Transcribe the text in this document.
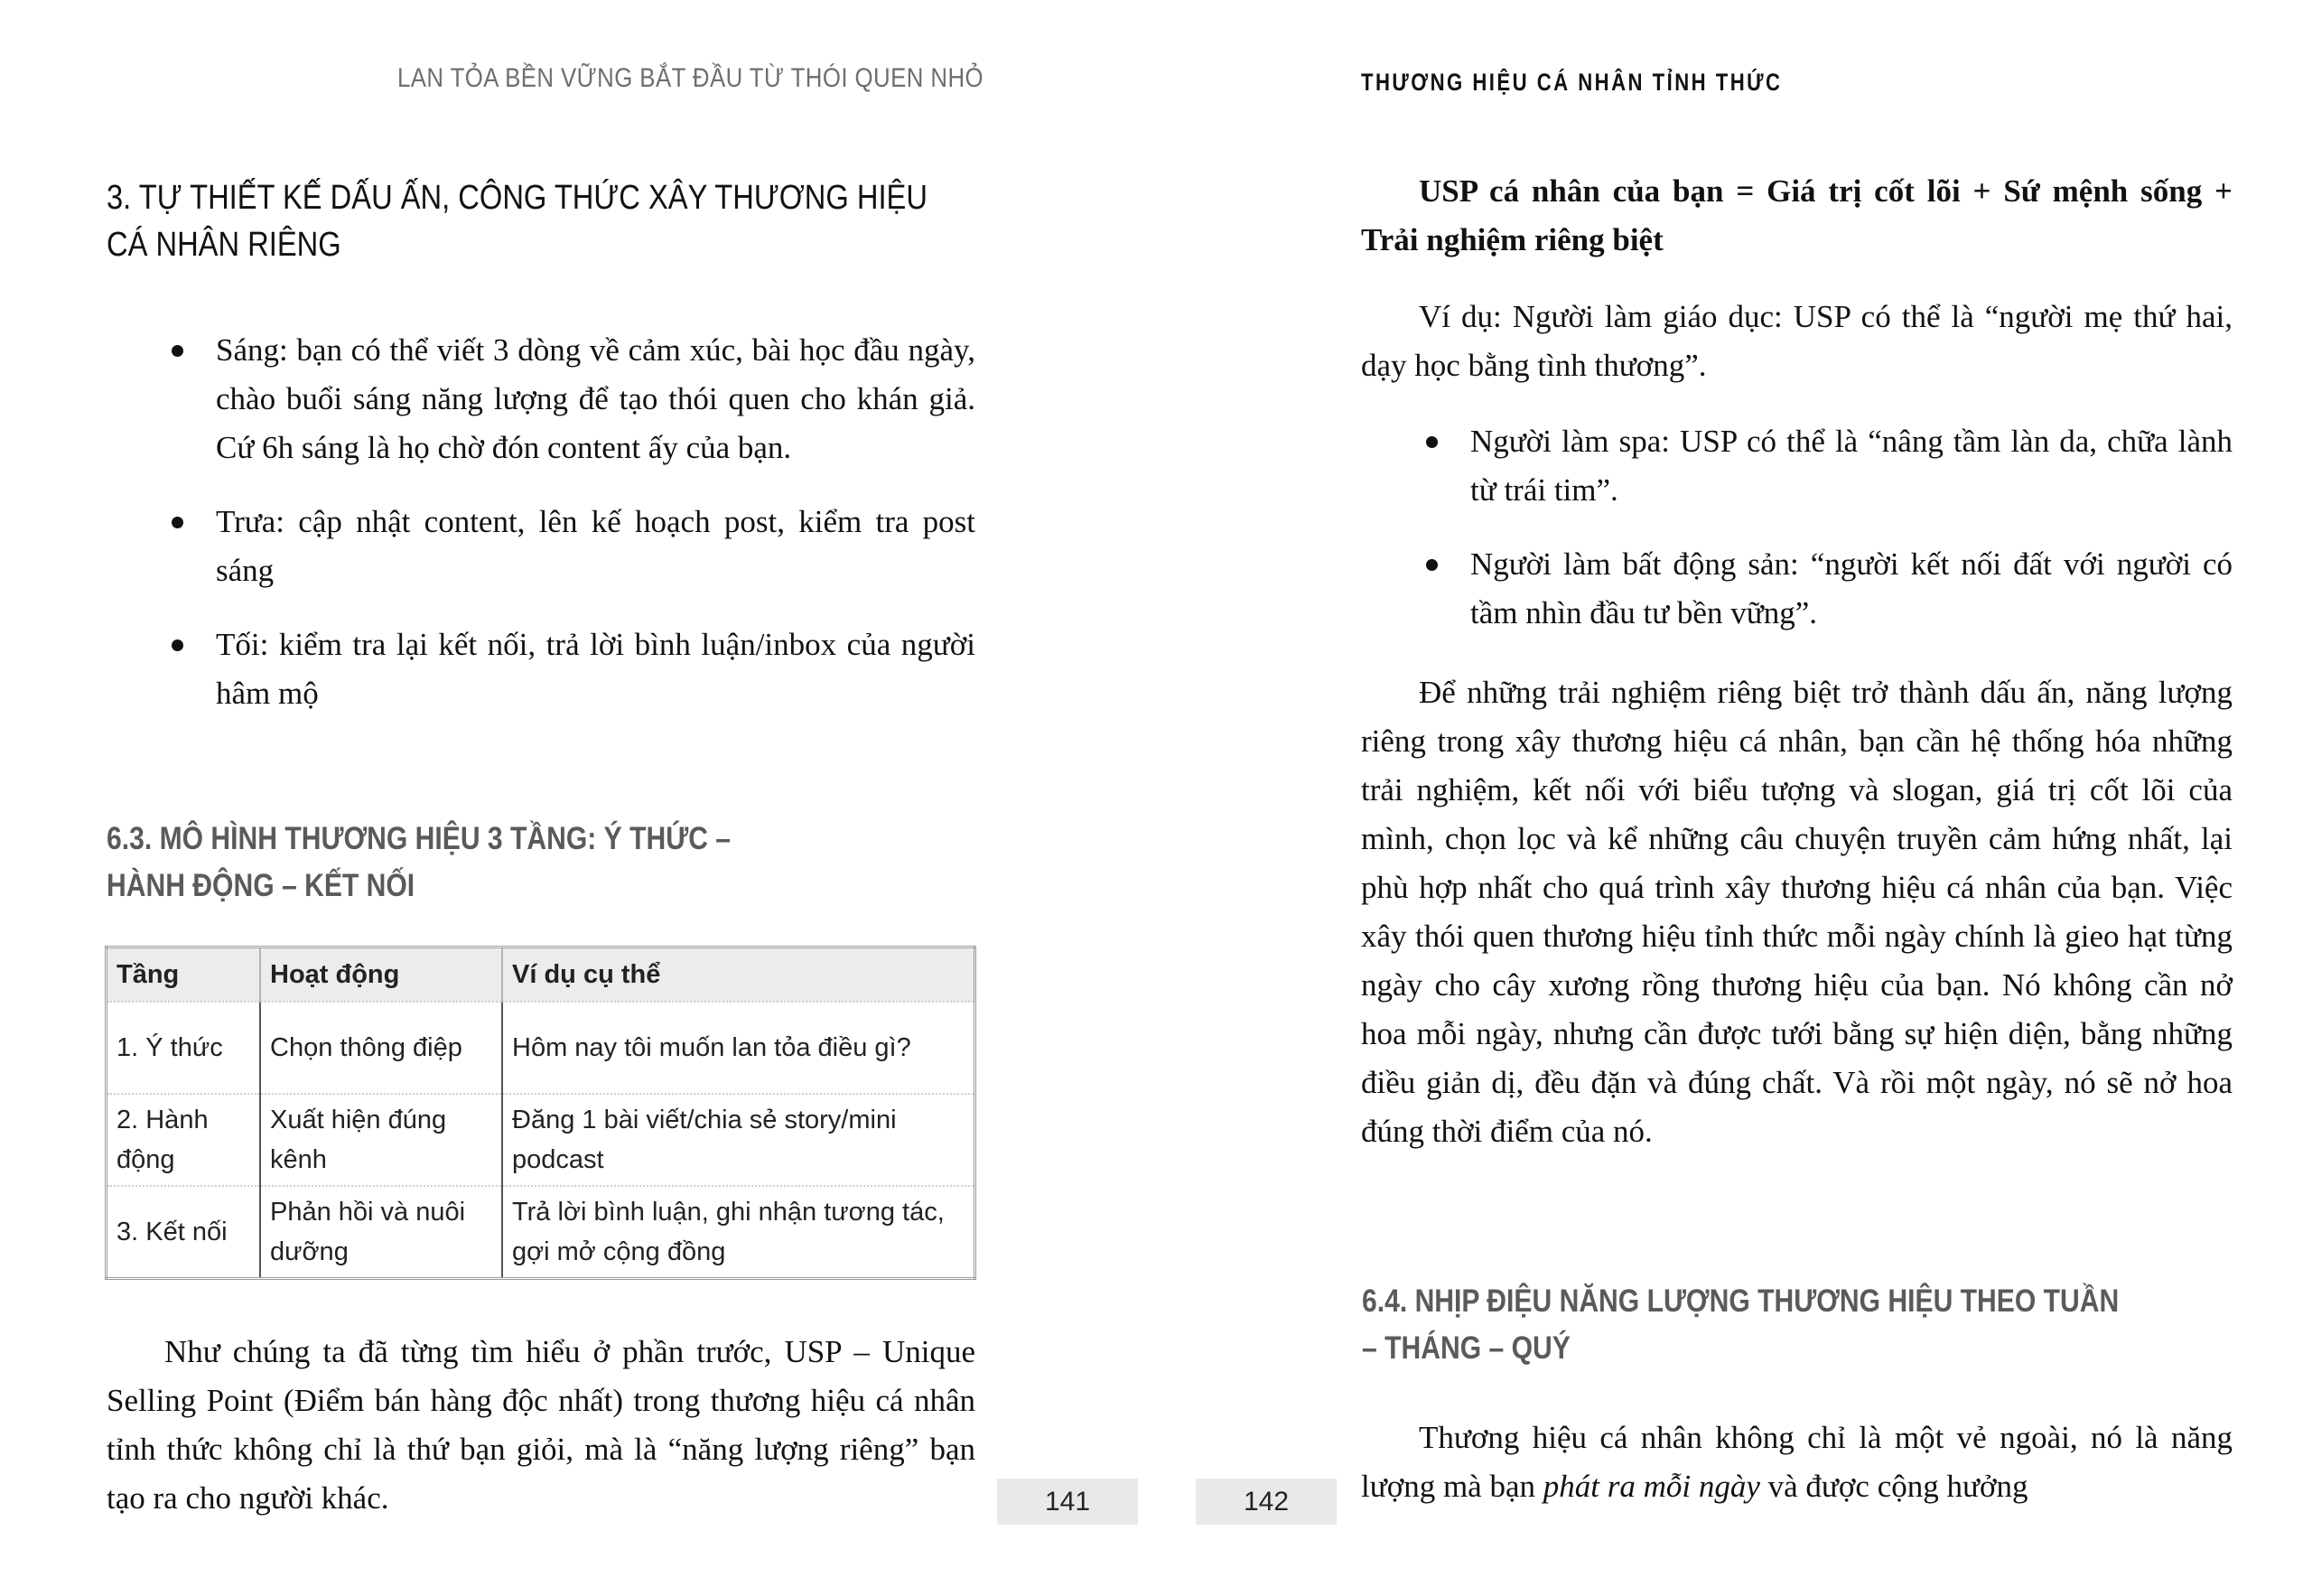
LAN TỎA BỀN VỮNG BẮT ĐẦU TỪ THÓI QUEN NHỎ
3. TỰ THIẾT KẾ DẤU ẤN, CÔNG THỨC XÂY THƯƠNG HIỆU CÁ NHÂN RIÊNG
Sáng: bạn có thể viết 3 dòng về cảm xúc, bài học đầu ngày, chào buổi sáng năng lượng để tạo thói quen cho khán giả. Cứ 6h sáng là họ chờ đón content ấy của bạn.
Trưa: cập nhật content, lên kế hoạch post, kiểm tra post sáng
Tối: kiểm tra lại kết nối, trả lời bình luận/inbox của người hâm mộ
6.3. MÔ HÌNH THƯƠNG HIỆU 3 TẦNG: Ý THỨC – HÀNH ĐỘNG – KẾT NỐI
Tầng	Hoạt động	Ví dụ cụ thể
1. Ý thức	Chọn thông điệp	Hôm nay tôi muốn lan tỏa điều gì?
2. Hành động	Xuất hiện đúng kênh	Đăng 1 bài viết/chia sẻ story/mini podcast
3. Kết nối	Phản hồi và nuôi dưỡng	Trả lời bình luận, ghi nhận tương tác, gợi mở cộng đồng
Như chúng ta đã từng tìm hiểu ở phần trước, USP – Unique Selling Point (Điểm bán hàng độc nhất) trong thương hiệu cá nhân tỉnh thức không chỉ là thứ bạn giỏi, mà là “năng lượng riêng” bạn tạo ra cho người khác.	141	142
THƯƠNG HIỆU CÁ NHÂN TỈNH THỨC
USP cá nhân của bạn = Giá trị cốt lõi + Sứ mệnh sống + Trải nghiệm riêng biệt
Ví dụ: Người làm giáo dục: USP có thể là “người mẹ thứ hai, dạy học bằng tình thương”.
Người làm spa: USP có thể là “nâng tầm làn da, chữa lành từ trái tim”.
Người làm bất động sản: “người kết nối đất với người có tầm nhìn đầu tư bền vững”.
Để những trải nghiệm riêng biệt trở thành dấu ấn, năng lượng riêng trong xây thương hiệu cá nhân, bạn cần hệ thống hóa những trải nghiệm, kết nối với biểu tượng và slogan, giá trị cốt lõi của mình, chọn lọc và kể những câu chuyện truyền cảm hứng nhất, lại phù hợp nhất cho quá trình xây thương hiệu cá nhân của bạn. Việc xây thói quen thương hiệu tỉnh thức mỗi ngày chính là gieo hạt từng ngày cho cây xương rồng thương hiệu của bạn. Nó không cần nở hoa mỗi ngày, nhưng cần được tưới bằng sự hiện diện, bằng những điều giản dị, đều đặn và đúng chất. Và rồi một ngày, nó sẽ nở hoa đúng thời điểm của nó.
6.4. NHỊP ĐIỆU NĂNG LƯỢNG THƯƠNG HIỆU THEO TUẦN – THÁNG – QUÝ
Thương hiệu cá nhân không chỉ là một vẻ ngoài, nó là năng lượng mà bạn phát ra mỗi ngày và được cộng hưởng
